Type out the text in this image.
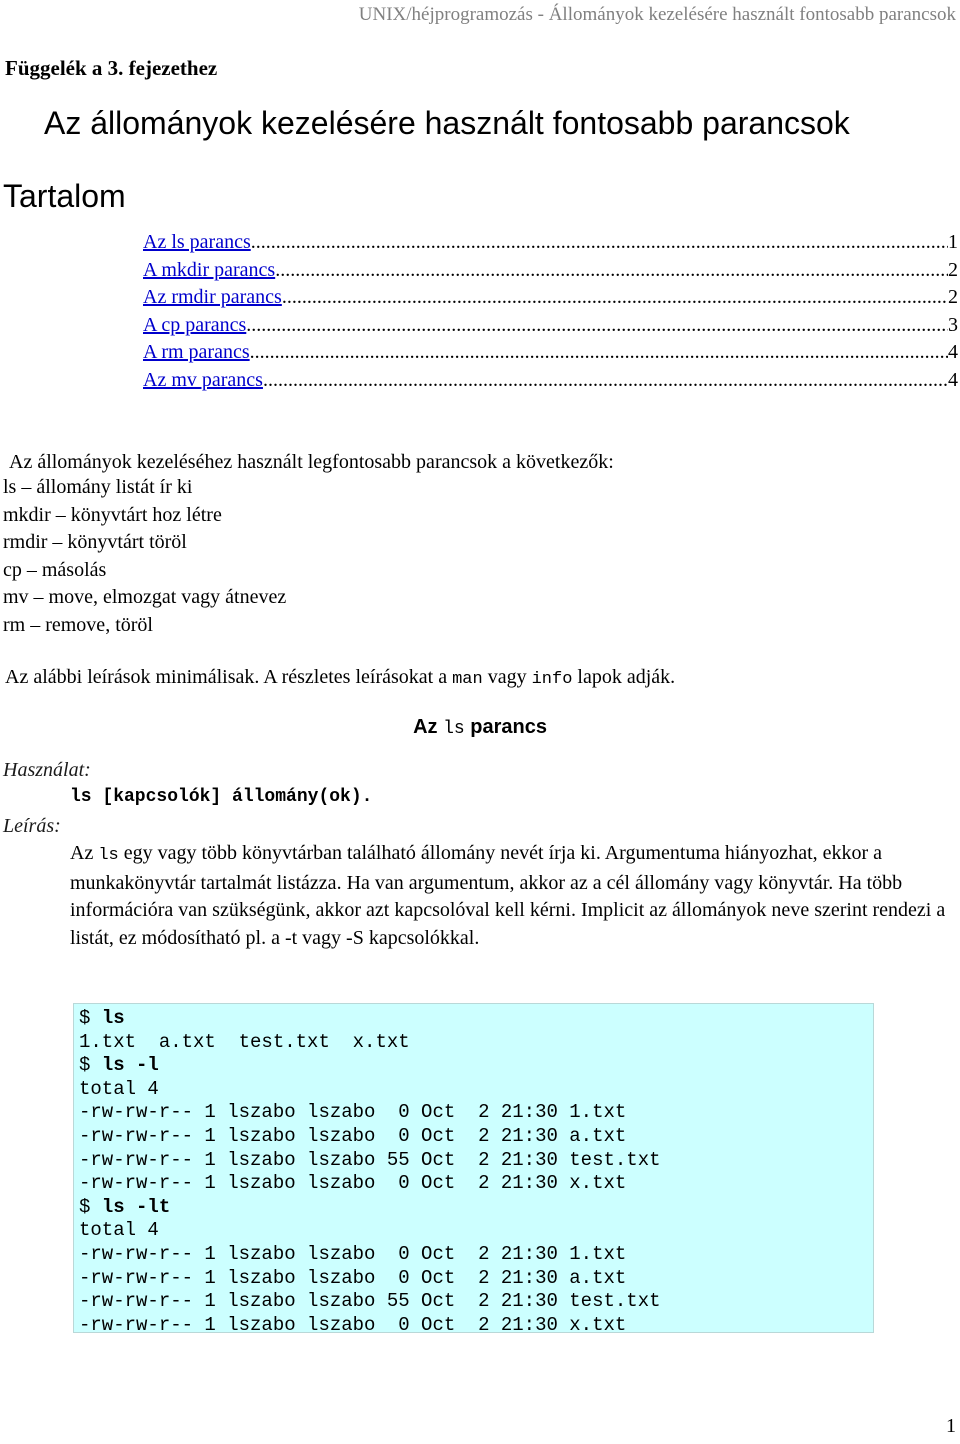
UNIX/héjprogramozás - Állományok kezelésére használt fontosabb parancsok
Függelék a 3. fejezethez
Az állományok kezelésére használt fontosabb parancsok
Tartalom
Az ls parancs .....	1
A mkdir parancs .....	2
Az rmdir parancs .....	2
A cp parancs .....	3
A rm parancs .....	4
Az mv parancs .....	4
Az állományok kezeléséhez használt legfontosabb parancsok a következők:
ls – állomány listát ír ki
mkdir – könyvtárt hoz létre
rmdir – könyvtárt töröl
cp – másolás
mv – move, elmozgat vagy átnevez
rm – remove, töröl
Az alábbi leírások minimálisak. A részletes leírásokat a man vagy info lapok adják.
Az ls parancs
Használat:
ls [kapcsolók] állomány(ok).
Leírás:
Az ls egy vagy több könyvtárban található állomány nevét írja ki. Argumentuma hiányozhat, ekkor a munkakönyvtár tartalmát listázza. Ha van argumentum, akkor az a cél állomány vagy könyvtár. Ha több információra van szükségünk, akkor azt kapcsolóval kell kérni. Implicit az állományok neve szerint rendezi a listát, ez módosítható pl. a -t vagy -S kapcsolókkal.
$ ls
1.txt  a.txt  test.txt  x.txt
$ ls -l
total 4
-rw-rw-r-- 1 lszabo lszabo  0 Oct  2 21:30 1.txt
-rw-rw-r-- 1 lszabo lszabo  0 Oct  2 21:30 a.txt
-rw-rw-r-- 1 lszabo lszabo 55 Oct  2 21:30 test.txt
-rw-rw-r-- 1 lszabo lszabo  0 Oct  2 21:30 x.txt
$ ls -lt
total 4
-rw-rw-r-- 1 lszabo lszabo  0 Oct  2 21:30 1.txt
-rw-rw-r-- 1 lszabo lszabo  0 Oct  2 21:30 a.txt
-rw-rw-r-- 1 lszabo lszabo 55 Oct  2 21:30 test.txt
-rw-rw-r-- 1 lszabo lszabo  0 Oct  2 21:30 x.txt
1
